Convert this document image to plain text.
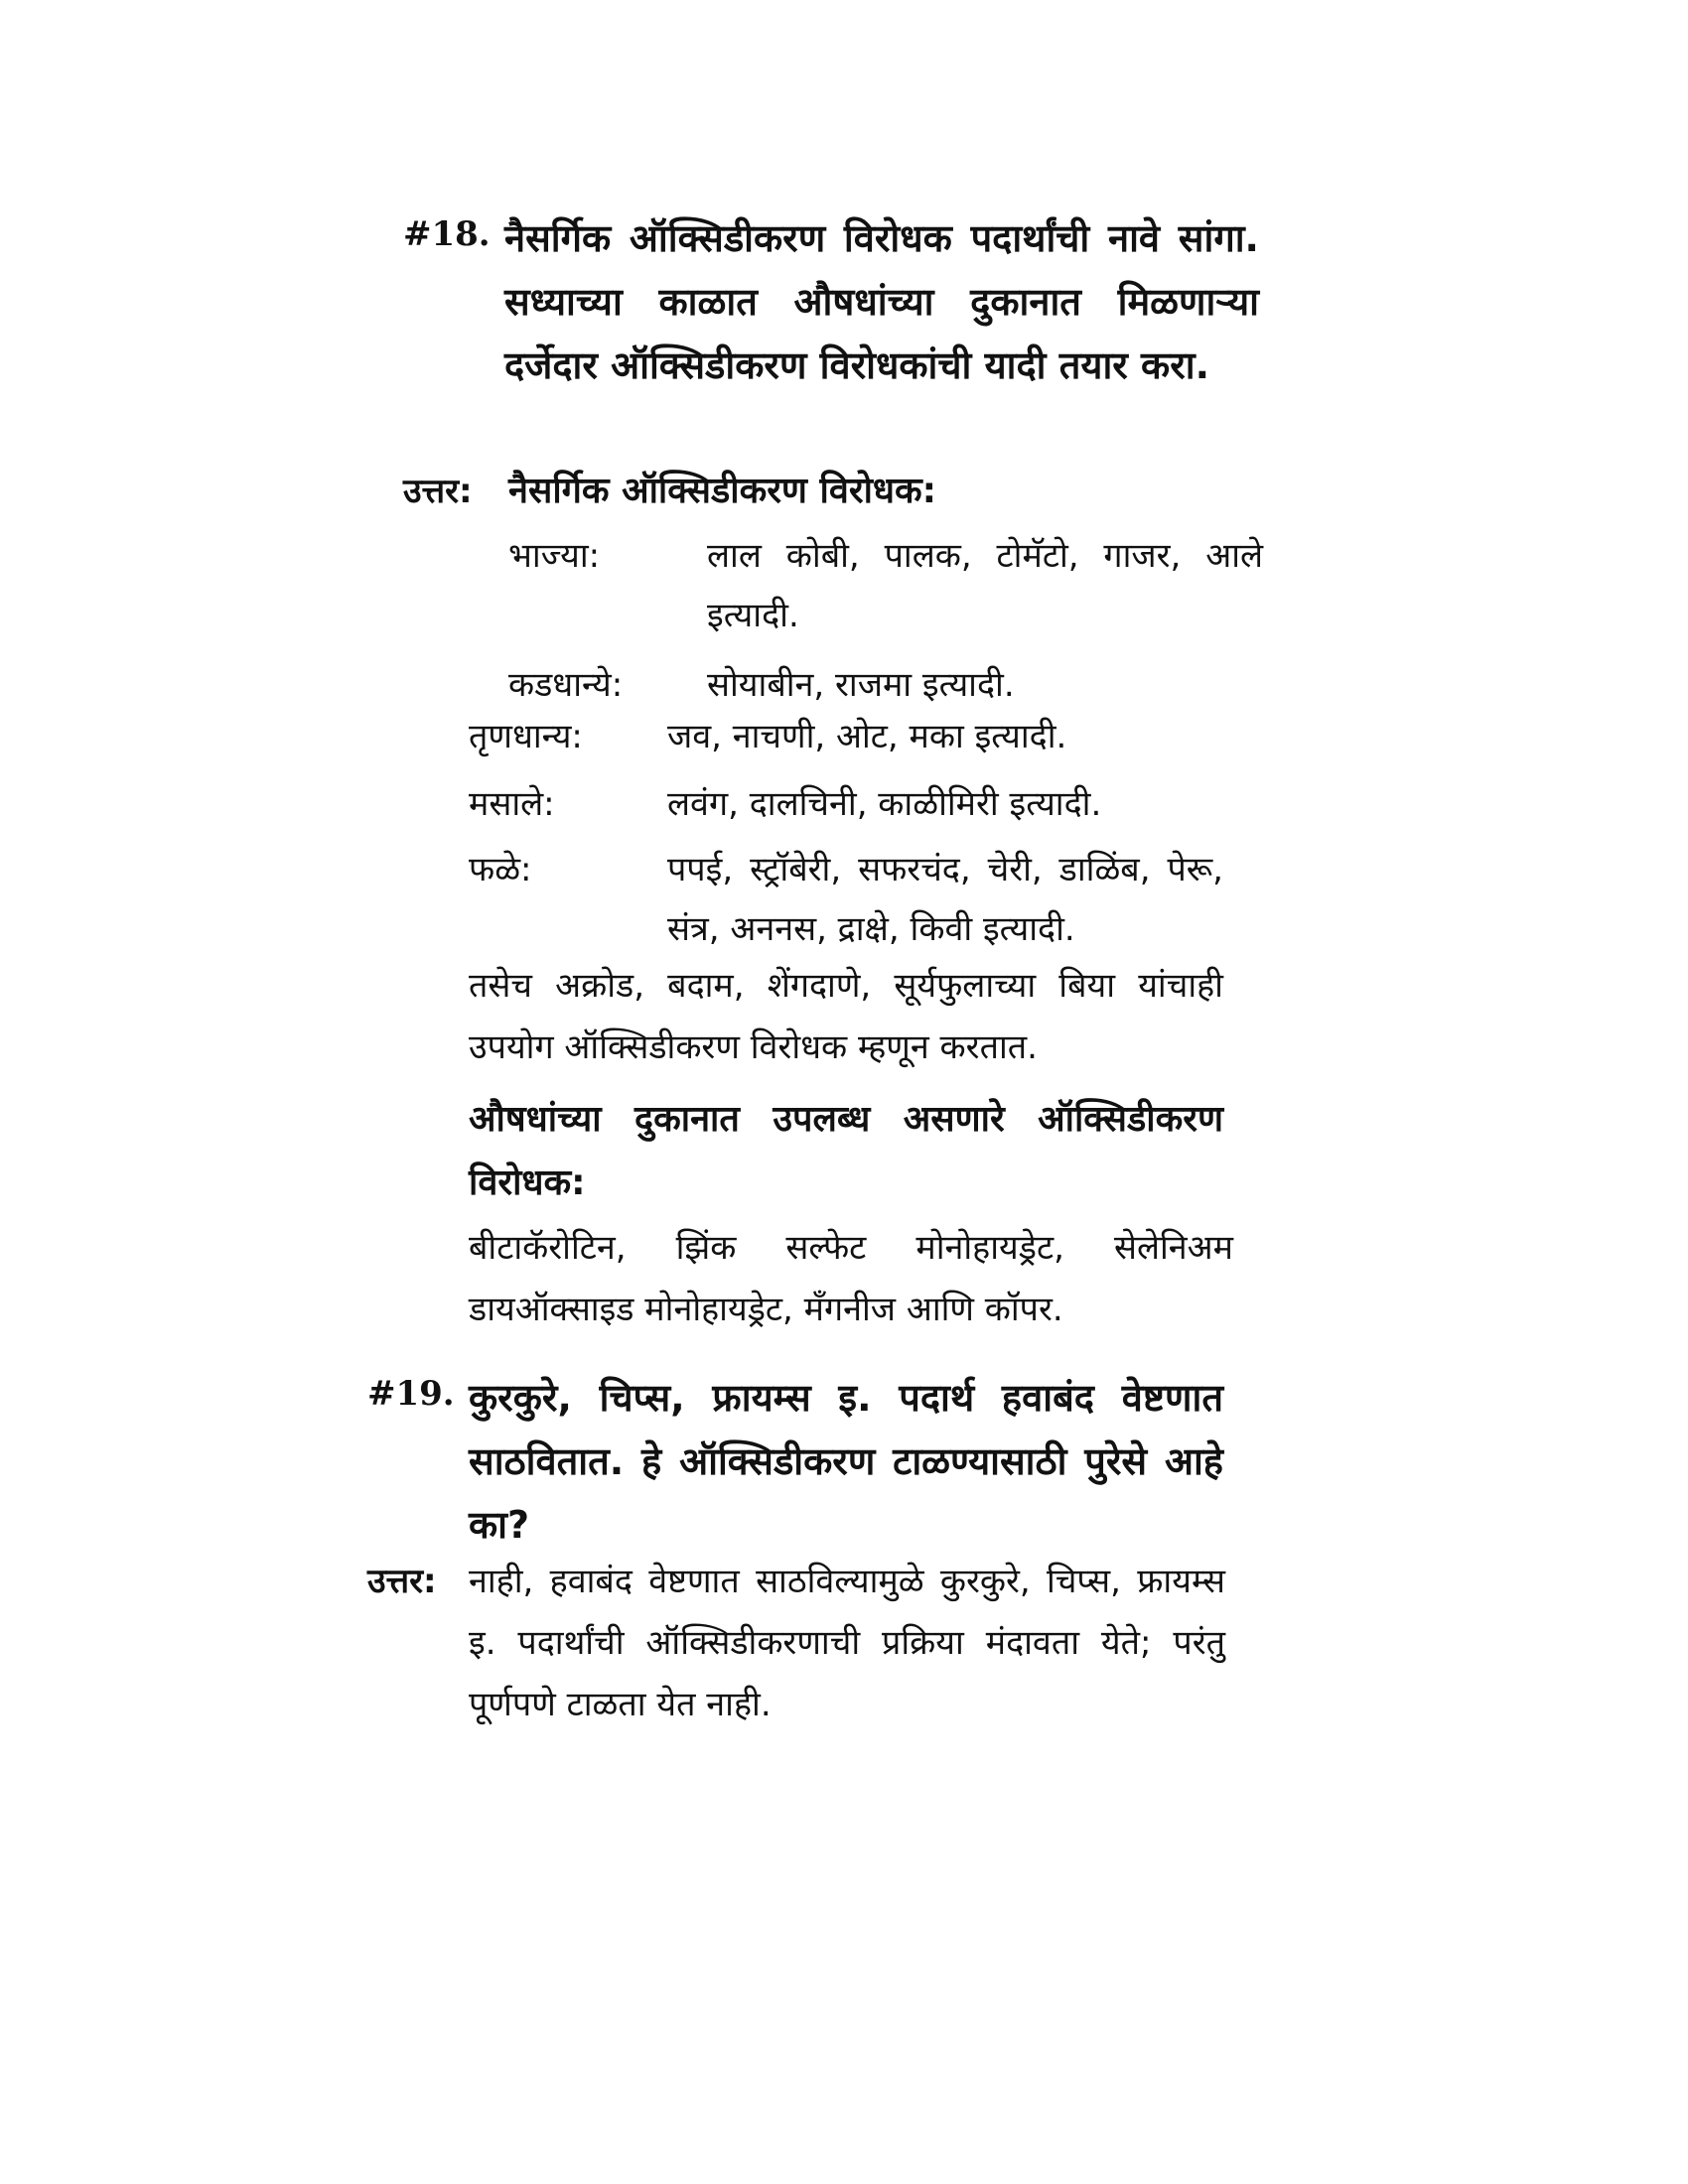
#18. नैसर्गिक ऑक्सिडीकरण विरोधक पदार्थांची नावे सांगा. सध्याच्या काळात औषधांच्या दुकानात मिळणाऱ्या दर्जेदार ऑक्सिडीकरण विरोधकांची यादी तयार करा.

उत्तर: नैसर्गिक ऑक्सिडीकरण विरोधक:
भाज्या:	लाल कोबी, पालक, टोमॅटो, गाजर, आले इत्यादी.
कडधान्ये: सोयाबीन, राजमा इत्यादी.
तृणधान्य:	जव, नाचणी, ओट, मका इत्यादी.
मसाले:	लवंग, दालचिनी, काळीमिरी इत्यादी.
फळे:	पपई, स्ट्रॉबेरी, सफरचंद, चेरी, डाळिंब, पेरू, संत्र, अननस, द्राक्षे, किवी इत्यादी.

तसेच अक्रोड, बदाम, शेंगदाणे, सूर्यफुलाच्या बिया यांचाही उपयोग ऑक्सिडीकरण विरोधक म्हणून करतात.

औषधांच्या दुकानात उपलब्ध असणारे ऑक्सिडीकरण विरोधक:

बीटाकॅरोटिन, झिंक सल्फेट मोनोहायड्रेट, सेलेनिअम डायऑक्साइड मोनोहायड्रेट, मॅंगनीज आणि कॉपर.

#19. कुरकुरे, चिप्स, फ्रायम्स इ. पदार्थ हवाबंद वेष्टणात साठवितात. हे ऑक्सिडीकरण टाळण्यासाठी पुरेसे आहे का?

उत्तर: नाही, हवाबंद वेष्टणात साठविल्यामुळे कुरकुरे, चिप्स, फ्रायम्स इ. पदार्थांची ऑक्सिडीकरणाची प्रक्रिया मंदावता येते; परंतु पूर्णपणे टाळता येत नाही.
